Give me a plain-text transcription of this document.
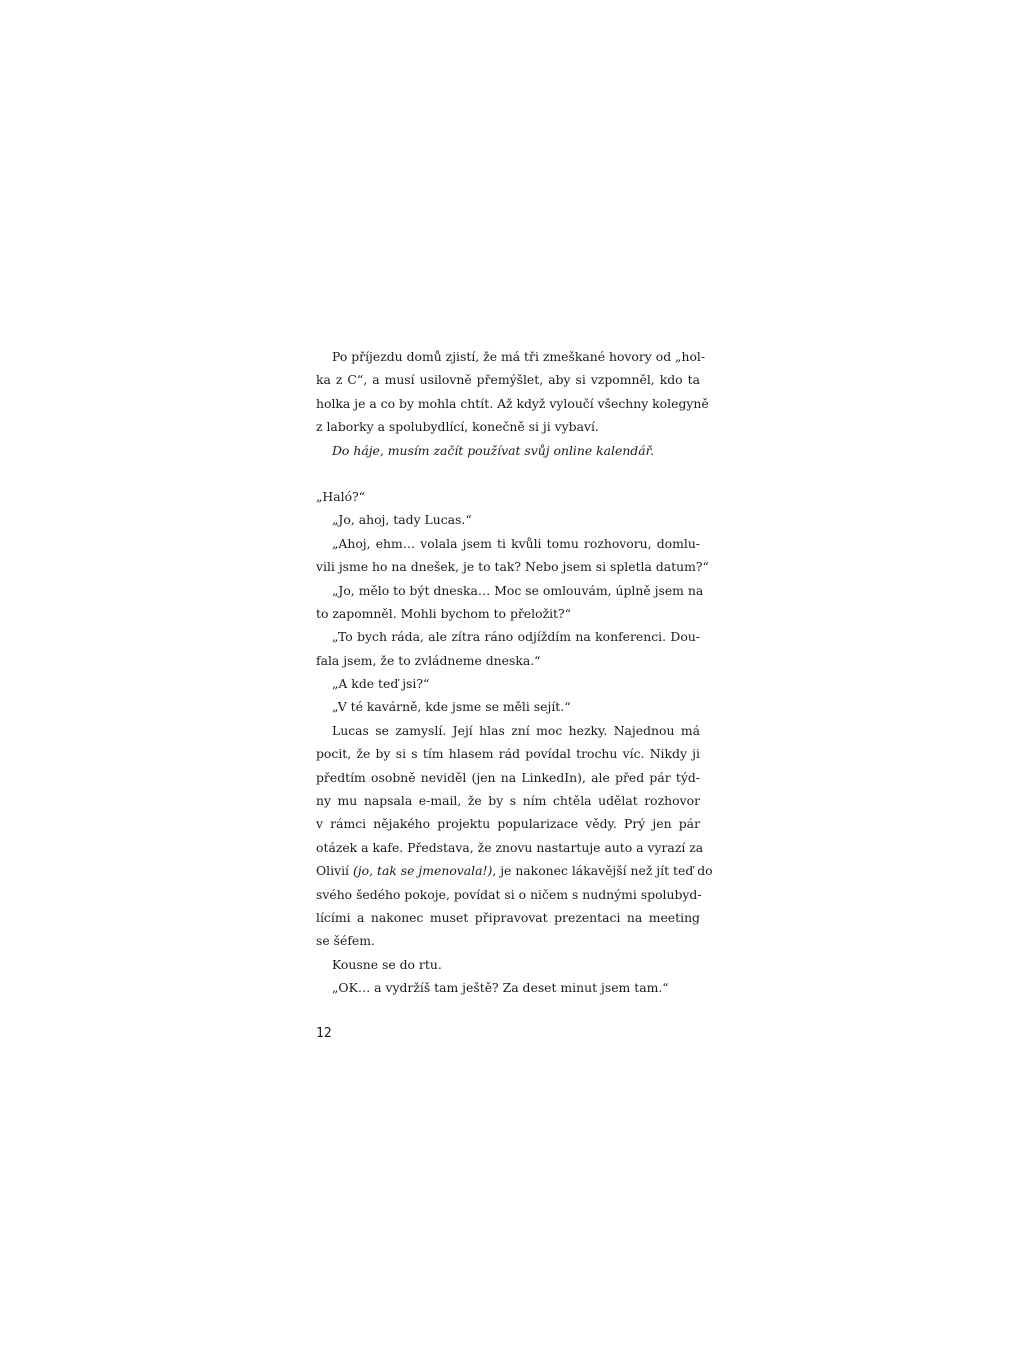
Po příjezdu domů zjistí, že má tři zmeškané hovory od „hol-
ka z C“, a musí usilovně přemýšlet, aby si vzpomněl, kdo ta
holka je a co by mohla chtít. Až když vyloučí všechny kolegyně
z laborky a spolubydlící, konečně si ji vybaví.
Do háje, musím začít používat svůj online kalendář.
„Haló?“
„Jo, ahoj, tady Lucas.“
„Ahoj, ehm… volala jsem ti kvůli tomu rozhovoru, domlu-
vili jsme ho na dnešek, je to tak? Nebo jsem si spletla datum?“
„Jo, mělo to být dneska… Moc se omlouvám, úplně jsem na
to zapomněl. Mohli bychom to přeložit?“
„To bych ráda, ale zítra ráno odjíždím na konferenci. Dou-
fala jsem, že to zvládneme dneska.“
„A kde teď jsi?“
„V té kavárně, kde jsme se měli sejít.“
Lucas se zamyslí. Její hlas zní moc hezky. Najednou má
pocit, že by si s tím hlasem rád povídal trochu víc. Nikdy ji
předtím osobně neviděl (jen na LinkedIn), ale před pár týd-
ny mu napsala e-mail, že by s ním chtěla udělat rozhovor
v rámci nějakého projektu popularizace vědy. Prý jen pár
otázek a kafe. Představa, že znovu nastartuje auto a vyrazí za
Olivií (jo, tak se jmenovala!), je nakonec lákavější než jít teď do
svého šedého pokoje, povídat si o ničem s nudnými spolubyd-
lícími a nakonec muset připravovat prezentaci na meeting
se šéfem.
Kousne se do rtu.
„OK… a vydržíš tam ještě? Za deset minut jsem tam.“
12
